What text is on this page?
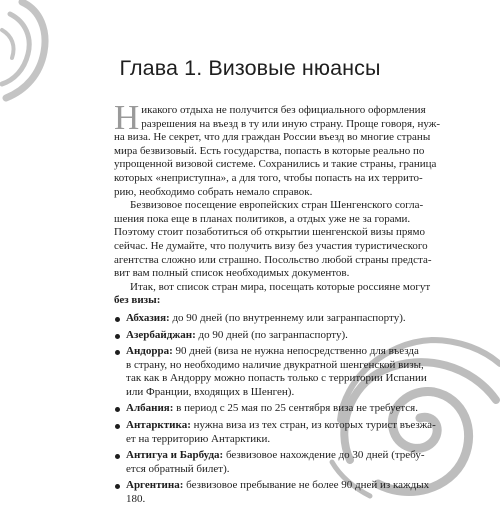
Глава 1. Визовые нюансы
Н икакого отдыха не получится без официального оформления
разрешения на въезд в ту или иную страну. Проще говоря, нуж-
на виза. Не секрет, что для граждан России въезд во многие страны
мира безвизовый. Есть государства, попасть в которые реально по
упрощенной визовой системе. Сохранились и такие страны, граница
которых «неприступна», а для того, чтобы попасть на их террито-
рию, необходимо собрать немало справок.
Безвизовое посещение европейских стран Шенгенского согла-
шения пока еще в планах политиков, а отдых уже не за горами.
Поэтому стоит позаботиться об открытии шенгенской визы прямо
сейчас. Не думайте, что получить визу без участия туристического
агентства сложно или страшно. Посольство любой страны предста-
вит вам полный список необходимых документов.
Итак, вот список стран мира, посещать которые россияне могут
без визы:
Абхазия: до 90 дней (по внутреннему или загранпаспорту).
Азербайджан: до 90 дней (по загранпаспорту).
Андорра: 90 дней (виза не нужна непосредственно для въезда
в страну, но необходимо наличие двукратной шенгенской визы,
так как в Андорру можно попасть только с территории Испании
или Франции, входящих в Шенген).
Албания: в период с 25 мая по 25 сентября виза не требуется.
Антарктика: нужна виза из тех стран, из которых турист въезжа-
ет на территорию Антарктики.
Антигуа и Барбуда: безвизовое нахождение до 30 дней (требу-
ется обратный билет).
Аргентина: безвизовое пребывание не более 90 дней из каждых
180.
